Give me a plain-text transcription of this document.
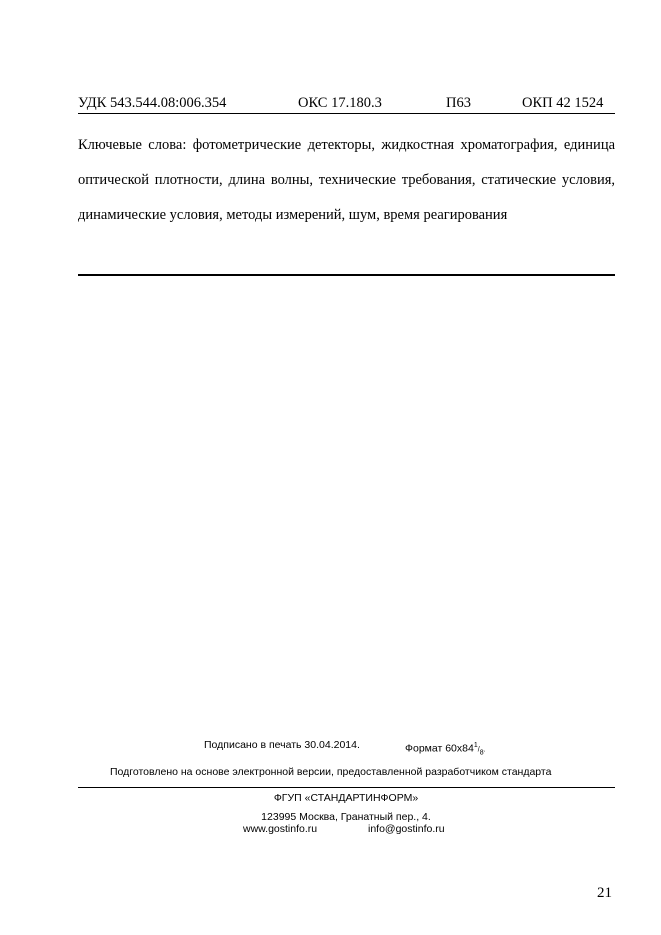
УДК 543.544.08:006.354	ОКС 17.180.3	П63	ОКП 42 1524
Ключевые слова: фотометрические детекторы, жидкостная хроматография, единица оптической плотности, длина волны, технические требования, статические условия, динамические условия, методы измерений, шум, время реагирования
Подписано в печать 30.04.2014.	Формат $60x84^1/_8$.
Подготовлено на основе электронной версии, предоставленной разработчиком стандарта
ФГУП «СТАНДАРТИНФОРМ»
123995 Москва, Гранатный пер., 4.
www.gostinfo.ru	info@gostinfo.ru
21
